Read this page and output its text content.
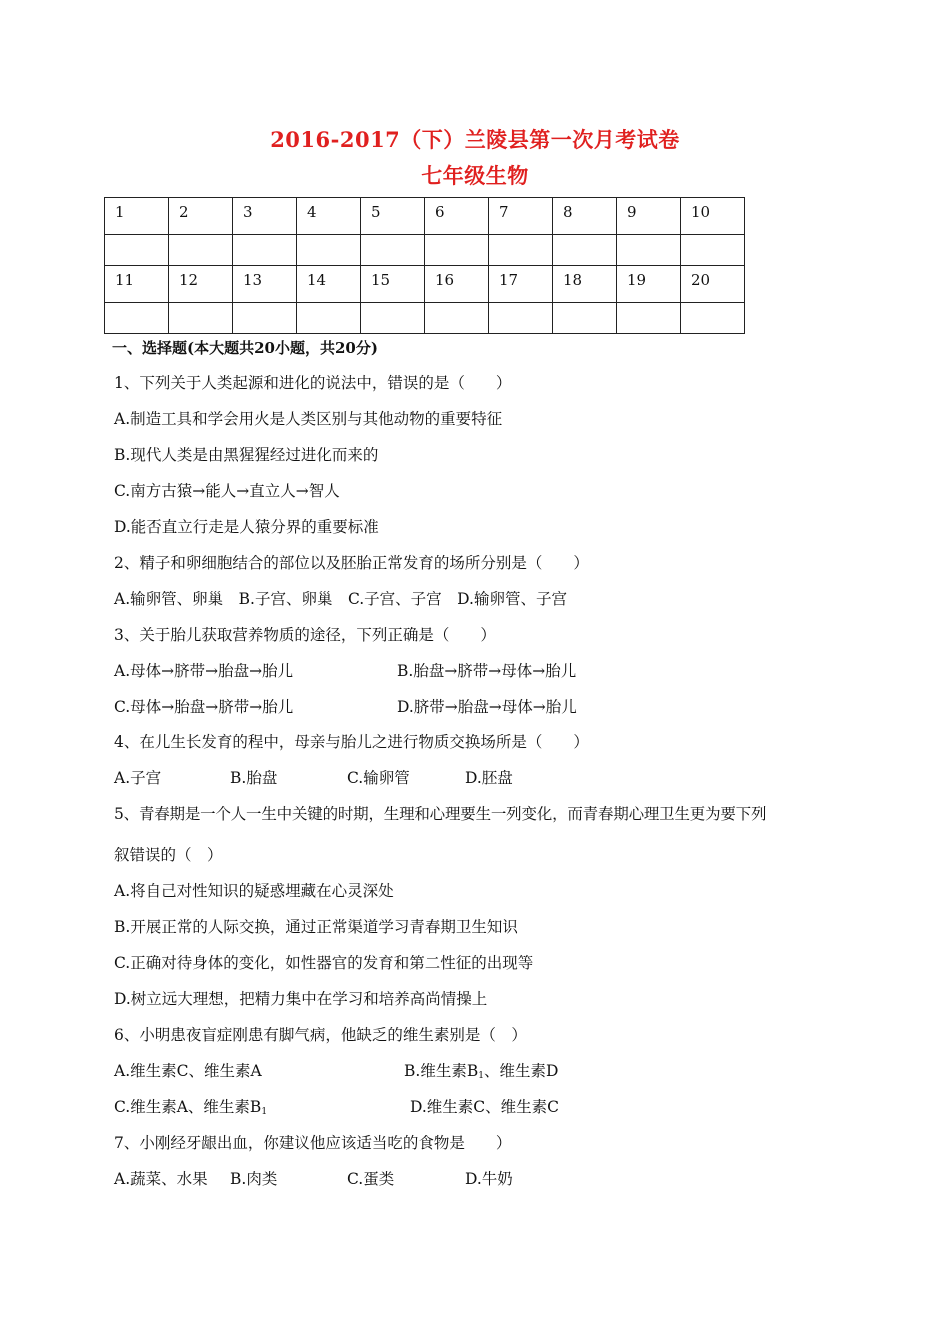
2016-2017（下）兰陵县第一次月考试卷
七年级生物
1	2	3	4	5	6	7	8	9	10

11	12	13	14	15	16	17	18	19	20

一、选择题(本大题共20小题，共20分)
1、下列关于人类起源和进化的说法中，错误的是（　　）
A.制造工具和学会用火是人类区别与其他动物的重要特征
B.现代人类是由黑猩猩经过进化而来的
C.南方古猿→能人→直立人→智人
D.能否直立行走是人猿分界的重要标准
2、精子和卵细胞结合的部位以及胚胎正常发育的场所分别是（　　）
A.输卵管、卵巢　B.子宫、卵巢　C.子宫、子宫　D.输卵管、子宫
3、关于胎儿获取营养物质的途径，下列正确是（　　）
A.母体→脐带→胎盘→胎儿	B.胎盘→脐带→母体→胎儿
C.母体→胎盘→脐带→胎儿	D.脐带→胎盘→母体→胎儿
4、在儿生长发育的程中，母亲与胎儿之进行物质交换场所是（　　）
A.子宫	B.胎盘	C.输卵管	D.胚盘
5、青春期是一个人一生中关键的时期，生理和心理要生一列变化，而青春期心理卫生更为要下列
叙错误的（　）
A.将自己对性知识的疑惑埋藏在心灵深处
B.开展正常的人际交换，通过正常渠道学习青春期卫生知识
C.正确对待身体的变化，如性器官的发育和第二性征的出现等
D.树立远大理想，把精力集中在学习和培养高尚情操上
6、小明患夜盲症刚患有脚气病，他缺乏的维生素别是（　）
A.维生素C、维生素A	B.维生素$B_1$、维生素D
C.维生素A、维生素$B_1$	D.维生素C、维生素C
7、小刚经牙龈出血，你建议他应该适当吃的食物是　　）
A.蔬菜、水果 B.肉类	C.蛋类	D.牛奶
